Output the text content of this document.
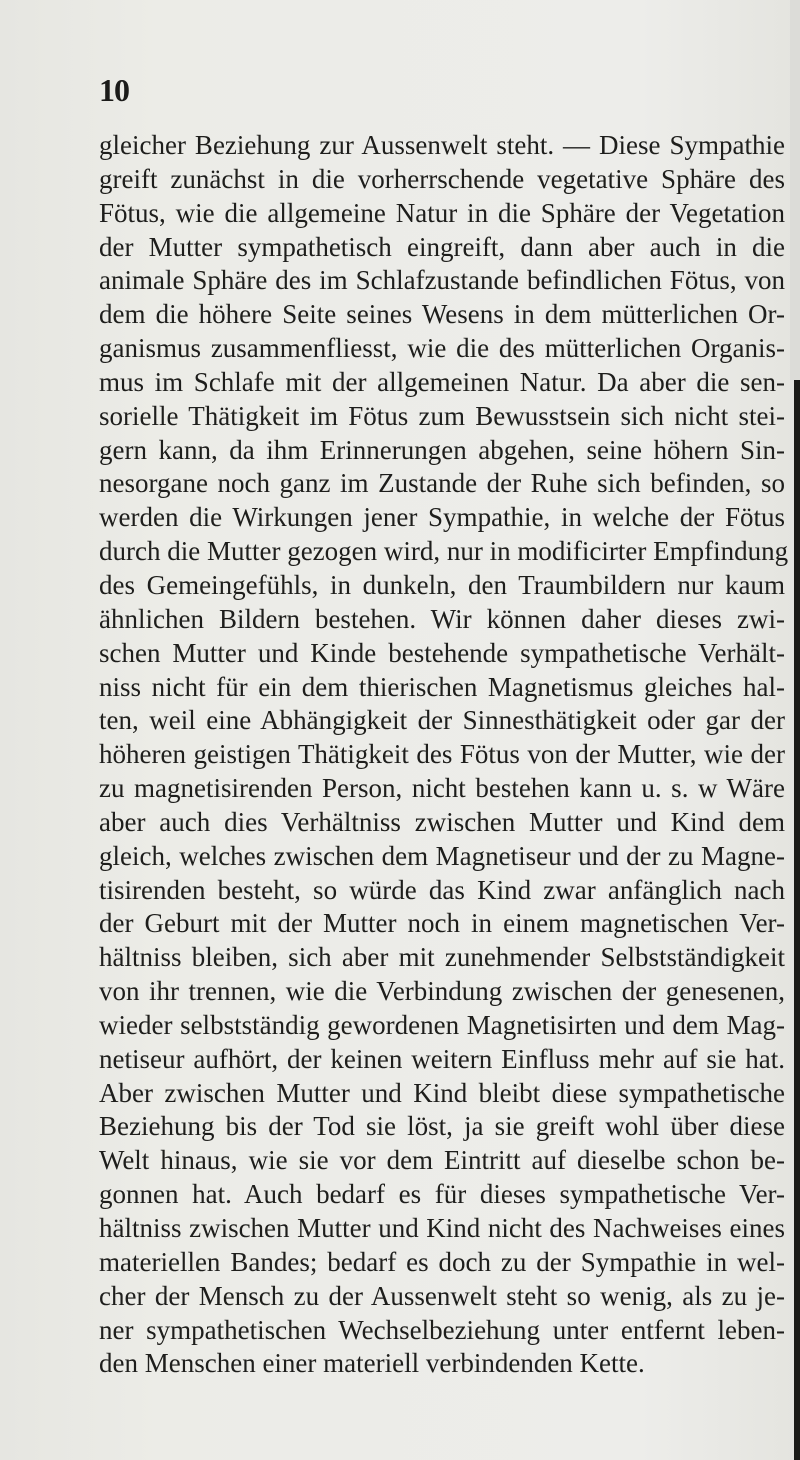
10
gleicher Beziehung zur Aussenwelt steht. — Diese Sympathie
greift zunächst in die vorherrschende vegetative Sphäre des
Fötus, wie die allgemeine Natur in die Sphäre der Vegetation
der Mutter sympathetisch eingreift, dann aber auch in die
animale Sphäre des im Schlafzustande befindlichen Fötus, von
dem die höhere Seite seines Wesens in dem mütterlichen Or-
ganismus zusammenfliesst, wie die des mütterlichen Organis-
mus im Schlafe mit der allgemeinen Natur. Da aber die sen-
sorielle Thätigkeit im Fötus zum Bewusstsein sich nicht stei-
gern kann, da ihm Erinnerungen abgehen, seine höhern Sin-
nesorgane noch ganz im Zustande der Ruhe sich befinden, so
werden die Wirkungen jener Sympathie, in welche der Fötus
durch die Mutter gezogen wird, nur in modificirter Empfindung
des Gemeingefühls, in dunkeln, den Traumbildern nur kaum
ähnlichen Bildern bestehen. Wir können daher dieses zwi-
schen Mutter und Kinde bestehende sympathetische Verhält-
niss nicht für ein dem thierischen Magnetismus gleiches hal-
ten, weil eine Abhängigkeit der Sinnesthätigkeit oder gar der
höheren geistigen Thätigkeit des Fötus von der Mutter, wie der
zu magnetisirenden Person, nicht bestehen kann u. s. w Wäre
aber auch dies Verhältniss zwischen Mutter und Kind dem
gleich, welches zwischen dem Magnetiseur und der zu Magne-
tisirenden besteht, so würde das Kind zwar anfänglich nach
der Geburt mit der Mutter noch in einem magnetischen Ver-
hältniss bleiben, sich aber mit zunehmender Selbstständigkeit
von ihr trennen, wie die Verbindung zwischen der genesenen,
wieder selbstständig gewordenen Magnetisirten und dem Mag-
netiseur aufhört, der keinen weitern Einfluss mehr auf sie hat.
Aber zwischen Mutter und Kind bleibt diese sympathetische
Beziehung bis der Tod sie löst, ja sie greift wohl über diese
Welt hinaus, wie sie vor dem Eintritt auf dieselbe schon be-
gonnen hat. Auch bedarf es für dieses sympathetische Ver-
hältniss zwischen Mutter und Kind nicht des Nachweises eines
materiellen Bandes; bedarf es doch zu der Sympathie in wel-
cher der Mensch zu der Aussenwelt steht so wenig, als zu je-
ner sympathetischen Wechselbeziehung unter entfernt leben-
den Menschen einer materiell verbindenden Kette.
